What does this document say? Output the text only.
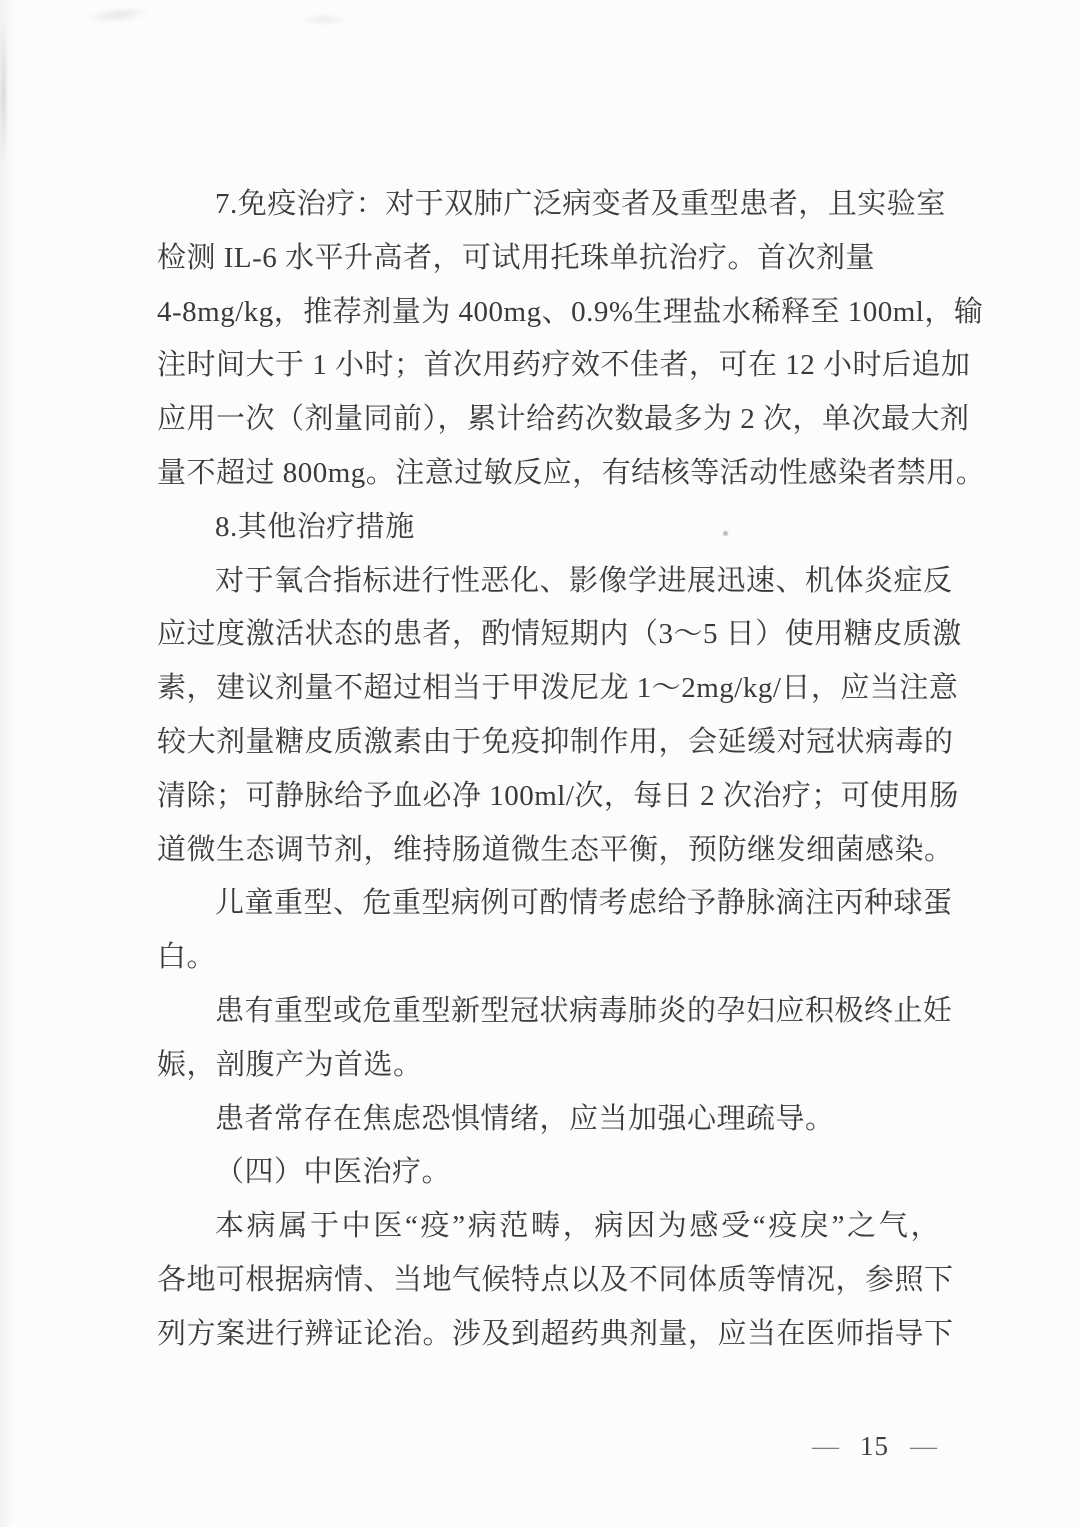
7.免疫治疗：对于双肺广泛病变者及重型患者，且实验室
检测 IL-6 水平升高者，可试用托珠单抗治疗。首次剂量
4-8mg/kg，推荐剂量为 400mg、0.9%生理盐水稀释至 100ml，输
注时间大于 1 小时；首次用药疗效不佳者，可在 12 小时后追加
应用一次（剂量同前），累计给药次数最多为 2 次，单次最大剂
量不超过 800mg。注意过敏反应，有结核等活动性感染者禁用。
8.其他治疗措施
对于氧合指标进行性恶化、影像学进展迅速、机体炎症反
应过度激活状态的患者，酌情短期内（3～5 日）使用糖皮质激
素，建议剂量不超过相当于甲泼尼龙 1～2mg/kg/日，应当注意
较大剂量糖皮质激素由于免疫抑制作用，会延缓对冠状病毒的
清除；可静脉给予血必净 100ml/次，每日 2 次治疗；可使用肠
道微生态调节剂，维持肠道微生态平衡，预防继发细菌感染。
儿童重型、危重型病例可酌情考虑给予静脉滴注丙种球蛋
白。
患有重型或危重型新型冠状病毒肺炎的孕妇应积极终止妊
娠，剖腹产为首选。
患者常存在焦虑恐惧情绪，应当加强心理疏导。
（四）中医治疗。
本病属于中医“疫”病范畴，病因为感受“疫戾”之气，
各地可根据病情、当地气候特点以及不同体质等情况，参照下
列方案进行辨证论治。涉及到超药典剂量，应当在医师指导下
— 15 —
